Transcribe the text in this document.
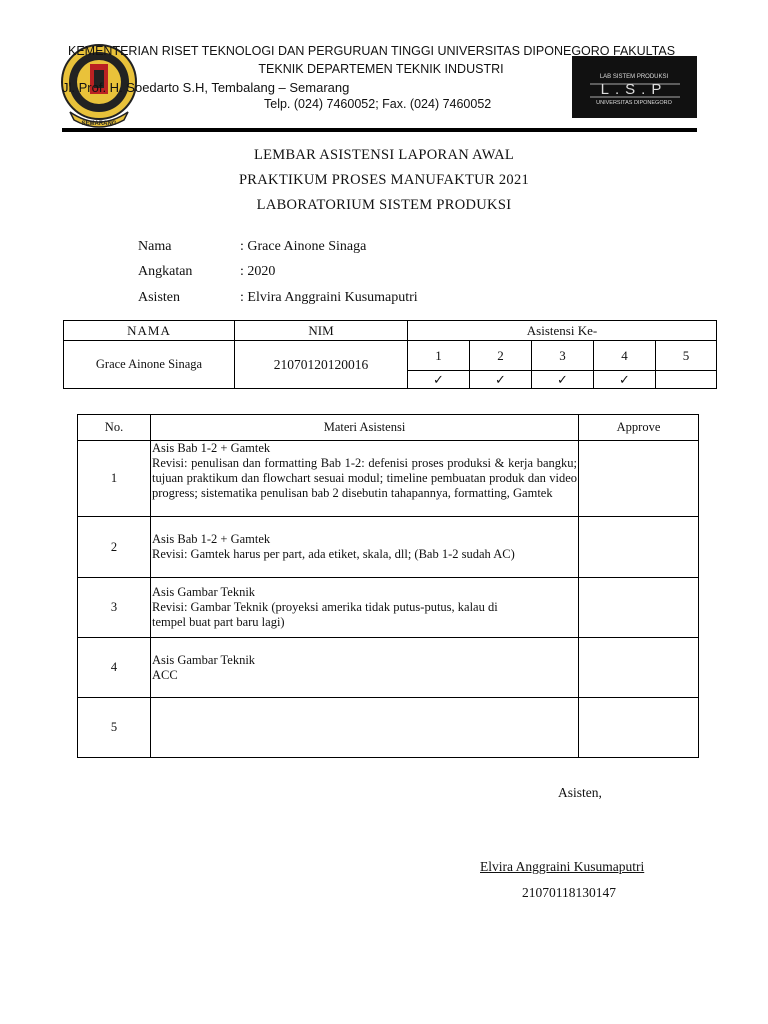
SEMARANG
LAB SISTEM PRODUKSI
L.S.P
UNIVERSITAS DIPONEGORO
KEMENTERIAN RISET TEKNOLOGI DAN PERGURUAN TINGGI UNIVERSITAS DIPONEGORO FAKULTAS
TEKNIK DEPARTEMEN TEKNIK INDUSTRI
Jl. Prof. H. Soedarto S.H, Tembalang – Semarang
Telp. (024) 7460052; Fax. (024) 7460052
LEMBAR ASISTENSI LAPORAN AWAL
PRAKTIKUM PROSES MANUFAKTUR 2021
LABORATORIUM SISTEM PRODUKSI
Nama	: Grace Ainone Sinaga
Angkatan	: 2020
Asisten	: Elvira Anggraini Kusumaputri
NAMA	NIM	Asistensi Ke-				
Grace Ainone Sinaga	21070120120016	1	2	3	4	5
		✓	✓	✓	✓	
No.	Materi Asistensi	Approve
1	Asis Bab 1-2 + Gamtek
Revisi: penulisan dan formatting Bab 1-2: defenisi proses produksi & kerja bangku; tujuan praktikum dan flowchart sesuai modul; timeline pembuatan produk dan video progress; sistematika penulisan bab 2 disebutin tahapannya, formatting, Gamtek	

2	Asis Bab 1-2 + Gamtek
Revisi: Gamtek harus per part, ada etiket, skala, dll; (Bab 1-2 sudah AC)	

3	Asis Gambar Teknik
Revisi: Gambar Teknik (proyeksi amerika tidak putus-putus, kalau di tempel buat part baru lagi)	

4	Asis Gambar Teknik
ACC	

5	

Asisten,
Elvira Anggraini Kusumaputri
21070118130147
